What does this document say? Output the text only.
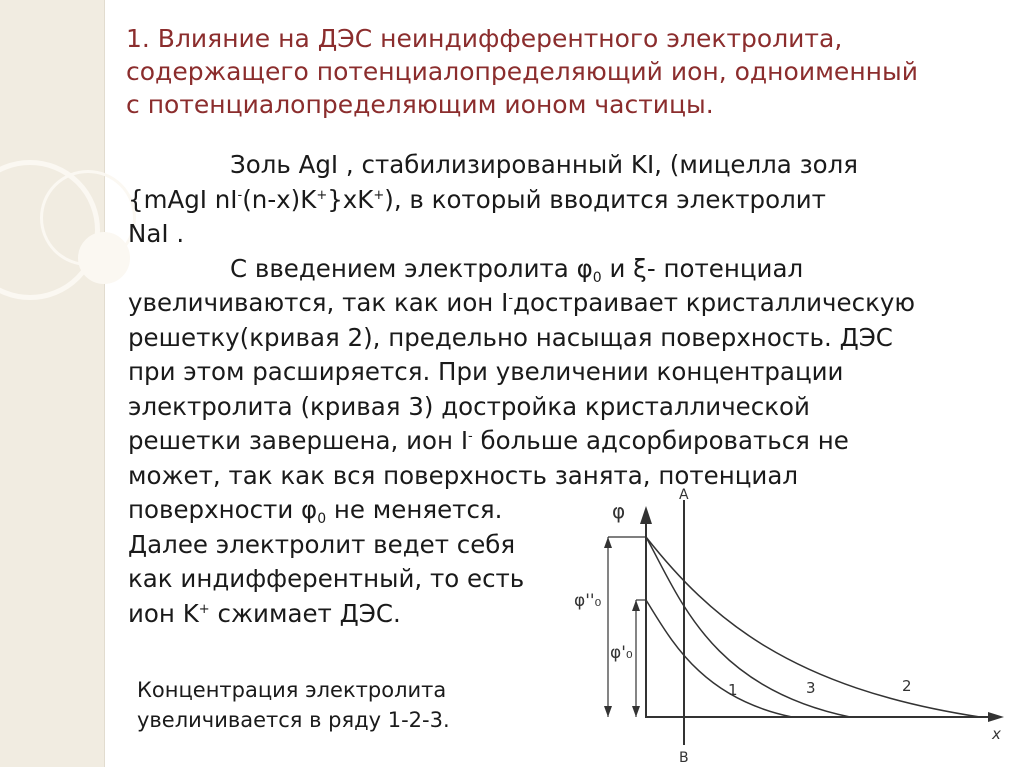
1. Влияние на ДЭС неиндифферентного электролита,
содержащего потенциалопределяющий ион, одноименный
с потенциалопределяющим ионом частицы.
Золь AgI , стабилизированный KI, (мицелла золя
{mAgI nI-(n-x)K+}xK+), в который вводится электролит
NaI .
С введением электролита $\varphi_0$ и ξ- потенциал
увеличиваются, так как ион I-достраивает кристаллическую
решетку(кривая 2), предельно насыщая поверхность. ДЭС
при этом расширяется. При увеличении концентрации
электролита (кривая 3) достройка кристаллической
решетки завершена, ион I- больше адсорбироваться не
может, так как вся поверхность занята, потенциал
поверхности $\varphi_0$ не меняется.
Далее электролит ведет себя
как индифферентный, то есть
ион K+ сжимает ДЭС.
φ
x
A
B
φ''₀
φ'₀
1	3	2
Концентрация электролита
увеличивается в ряду 1-2-3.
